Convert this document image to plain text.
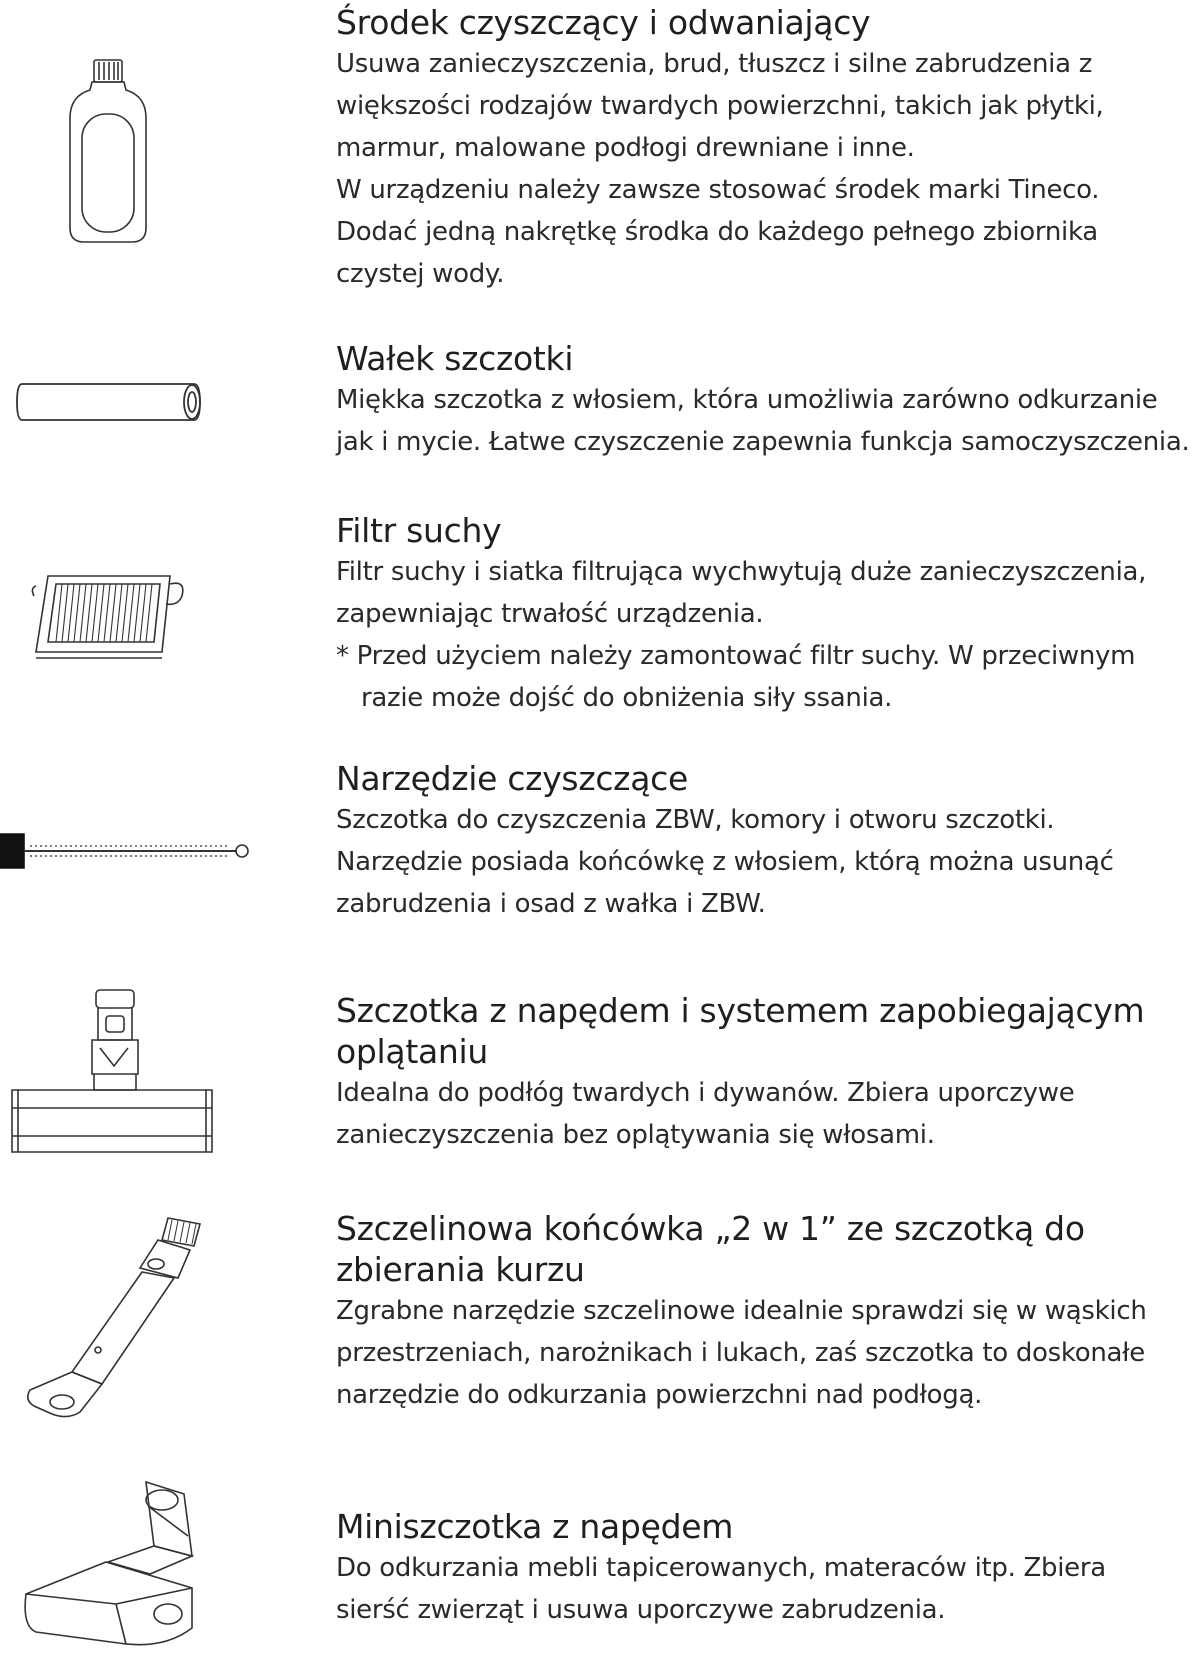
Środek czyszczący i odwaniający

Usuwa zanieczyszczenia, brud, tłuszcz i silne zabrudzenia z

większości rodzajów twardych powierzchni, takich jak płytki,

marmur, malowane podłogi drewniane i inne.

W urządzeniu należy zawsze stosować środek marki Tineco.

Dodać jedną nakrętkę środka do każdego pełnego zbiornika

czystej wody.

Wałek szczotki

Miękka szczotka z włosiem, która umożliwia zarówno odkurzanie

jak i mycie. Łatwe czyszczenie zapewnia funkcja samoczyszczenia.

Filtr suchy

Filtr suchy i siatka filtrująca wychwytują duże zanieczyszczenia,

zapewniając trwałość urządzenia.

* Przed użyciem należy zamontować filtr suchy. W przeciwnym

razie może dojść do obniżenia siły ssania.

Narzędzie czyszczące

Szczotka do czyszczenia ZBW, komory i otworu szczotki.

Narzędzie posiada końcówkę z włosiem, którą można usunąć

zabrudzenia i osad z wałka i ZBW.

Szczotka z napędem i systemem zapobiegającym
oplątaniu

Idealna do podłóg twardych i dywanów. Zbiera uporczywe

zanieczyszczenia bez oplątywania się włosami.

Szczelinowa końcówka „2 w 1” ze szczotką do
zbierania kurzu

Zgrabne narzędzie szczelinowe idealnie sprawdzi się w wąskich

przestrzeniach, narożnikach i lukach, zaś szczotka to doskonałe

narzędzie do odkurzania powierzchni nad podłogą.

Miniszczotka z napędem

Do odkurzania mebli tapicerowanych, materaców itp. Zbiera

sierść zwierząt i usuwa uporczywe zabrudzenia.
